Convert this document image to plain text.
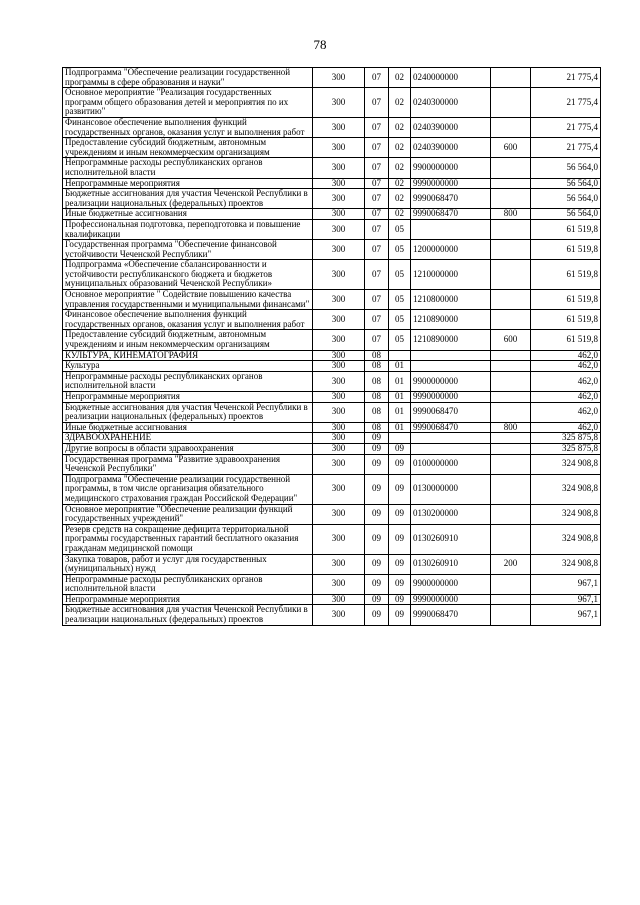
78
Подпрограмма "Обеспечение реализации государственной программы в сфере образования и науки"	300	07	02	0240000000		21 775,4
Основное мероприятие "Реализация государственных программ общего образования детей и мероприятия по их развитию"	300	07	02	0240300000		21 775,4
Финансовое обеспечение выполнения функций государственных органов, оказания услуг и выполнения работ	300	07	02	0240390000		21 775,4
Предоставление субсидий бюджетным, автономным учреждениям и иным некоммерческим организациям	300	07	02	0240390000	600	21 775,4
Непрограммные расходы республиканских органов исполнительной власти	300	07	02	9900000000		56 564,0
Непрограммные мероприятия	300	07	02	9990000000		56 564,0
Бюджетные ассигнования для участия Чеченской Республики в реализации национальных (федеральных) проектов	300	07	02	9990068470		56 564,0
Иные бюджетные ассигнования	300	07	02	9990068470	800	56 564,0
Профессиональная подготовка, переподготовка и повышение квалификации	300	07	05			61 519,8
Государственная программа "Обеспечение финансовой устойчивости Чеченской Республики"	300	07	05	1200000000		61 519,8
Подпрограмма «Обеспечение сбалансированности и устойчивости республиканского бюджета и бюджетов муниципальных образований Чеченской Республики»	300	07	05	1210000000		61 519,8
Основное мероприятие " Содействие повышению качества управления государственными и муниципальными финансами"	300	07	05	1210800000		61 519,8
Финансовое обеспечение выполнения функций государственных органов, оказания услуг и выполнения работ	300	07	05	1210890000		61 519,8
Предоставление субсидий бюджетным, автономным учреждениям и иным некоммерческим организациям	300	07	05	1210890000	600	61 519,8
КУЛЬТУРА, КИНЕМАТОГРАФИЯ	300	08				462,0
Культура	300	08	01			462,0
Непрограммные расходы республиканских органов исполнительной власти	300	08	01	9900000000		462,0
Непрограммные мероприятия	300	08	01	9990000000		462,0
Бюджетные ассигнования для участия Чеченской Республики в реализации национальных (федеральных) проектов	300	08	01	9990068470		462,0
Иные бюджетные ассигнования	300	08	01	9990068470	800	462,0
ЗДРАВООХРАНЕНИЕ	300	09				325 875,8
Другие вопросы в области здравоохранения	300	09	09			325 875,8
Государственная программа "Развитие здравоохранения Чеченской Республики"	300	09	09	0100000000		324 908,8
Подпрограмма "Обеспечение реализации государственной программы, в том числе организация обязательного медицинского страхования граждан Российской Федерации"	300	09	09	0130000000		324 908,8
Основное мероприятие "Обеспечение реализации функций государственных учреждений"	300	09	09	0130200000		324 908,8
Резерв средств на сокращение дефицита территориальной программы государственных гарантий бесплатного оказания гражданам медицинской помощи	300	09	09	0130260910		324 908,8
Закупка товаров, работ и услуг для государственных (муниципальных) нужд	300	09	09	0130260910	200	324 908,8
Непрограммные расходы республиканских органов исполнительной власти	300	09	09	9900000000		967,1
Непрограммные мероприятия	300	09	09	9990000000		967,1
Бюджетные ассигнования для участия Чеченской Республики в реализации национальных (федеральных) проектов	300	09	09	9990068470		967,1
